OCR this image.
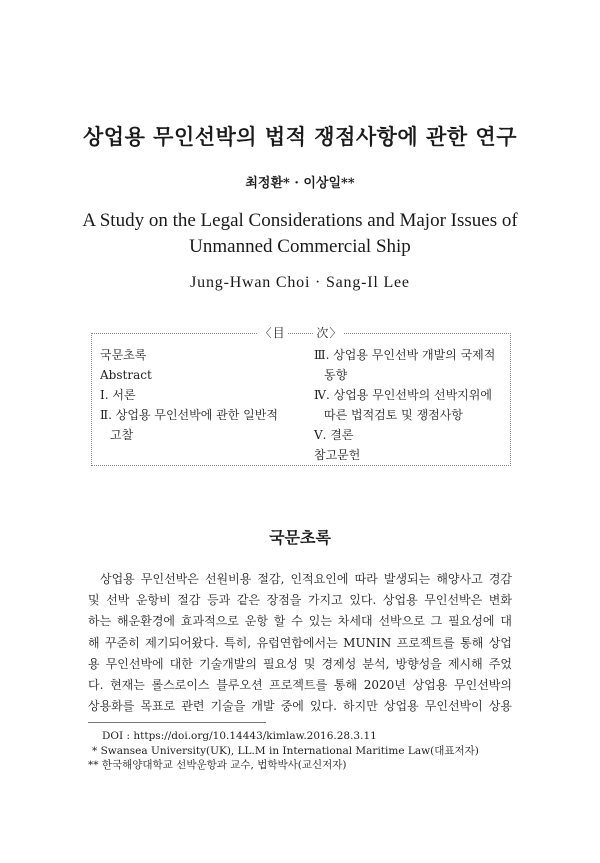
상업용 무인선박의 법적 쟁점사항에 관한 연구
최정환* · 이상일**
A Study on the Legal Considerations and Major Issues of
Unmanned Commercial Ship
Jung-Hwan Choi · Sang-Il Lee
〈目	次〉
국문초록
Abstract
Ⅰ. 서론
Ⅱ. 상업용 무인선박에 관한 일반적
고찰
Ⅲ. 상업용 무인선박 개발의 국제적
동향
Ⅳ. 상업용 무인선박의 선박지위에
따른 법적검토 및 쟁점사항
Ⅴ. 결론
참고문헌
국문초록
상업용 무인선박은 선원비용 절감, 인적요인에 따라 발생되는 해양사고 경감
및 선박 운항비 절감 등과 같은 장점을 가지고 있다. 상업용 무인선박은 변화
하는 해운환경에 효과적으로 운항 할 수 있는 차세대 선박으로 그 필요성에 대
해 꾸준히 제기되어왔다. 특히, 유럽연합에서는 MUNIN 프로젝트를 통해 상업
용 무인선박에 대한 기술개발의 필요성 및 경제성 분석, 방향성을 제시해 주었
다. 현재는 롤스로이스 블루오션 프로젝트를 통해 2020년 상업용 무인선박의
상용화를 목표로 관련 기술을 개발 중에 있다. 하지만 상업용 무인선박이 상용
DOI : https://doi.org/10.14443/kimlaw.2016.28.3.11
* Swansea University(UK), LL.M in International Maritime Law(대표저자)
** 한국해양대학교 선박운항과 교수, 법학박사(교신저자)
